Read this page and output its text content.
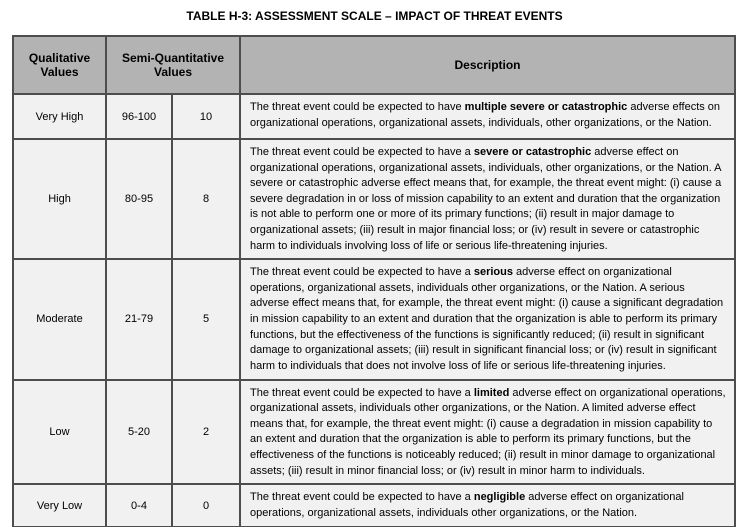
TABLE H-3: ASSESSMENT SCALE – IMPACT OF THREAT EVENTS
Qualitative Values	Semi-Quantitative Values		Description
Very High	96-100	10	The threat event could be expected to have multiple severe or catastrophic adverse effects on organizational operations, organizational assets, individuals, other organizations, or the Nation.
High	80-95	8	The threat event could be expected to have a severe or catastrophic adverse effect on organizational operations, organizational assets, individuals, other organizations, or the Nation. A severe or catastrophic adverse effect means that, for example, the threat event might: (i) cause a severe degradation in or loss of mission capability to an extent and duration that the organization is not able to perform one or more of its primary functions; (ii) result in major damage to organizational assets; (iii) result in major financial loss; or (iv) result in severe or catastrophic harm to individuals involving loss of life or serious life-threatening injuries.
Moderate	21-79	5	The threat event could be expected to have a serious adverse effect on organizational operations, organizational assets, individuals other organizations, or the Nation. A serious adverse effect means that, for example, the threat event might: (i) cause a significant degradation in mission capability to an extent and duration that the organization is able to perform its primary functions, but the effectiveness of the functions is significantly reduced; (ii) result in significant damage to organizational assets; (iii) result in significant financial loss; or (iv) result in significant harm to individuals that does not involve loss of life or serious life-threatening injuries.
Low	5-20	2	The threat event could be expected to have a limited adverse effect on organizational operations, organizational assets, individuals other organizations, or the Nation. A limited adverse effect means that, for example, the threat event might: (i) cause a degradation in mission capability to an extent and duration that the organization is able to perform its primary functions, but the effectiveness of the functions is noticeably reduced; (ii) result in minor damage to organizational assets; (iii) result in minor financial loss; or (iv) result in minor harm to individuals.
Very Low	0-4	0	The threat event could be expected to have a negligible adverse effect on organizational operations, organizational assets, individuals other organizations, or the Nation.
